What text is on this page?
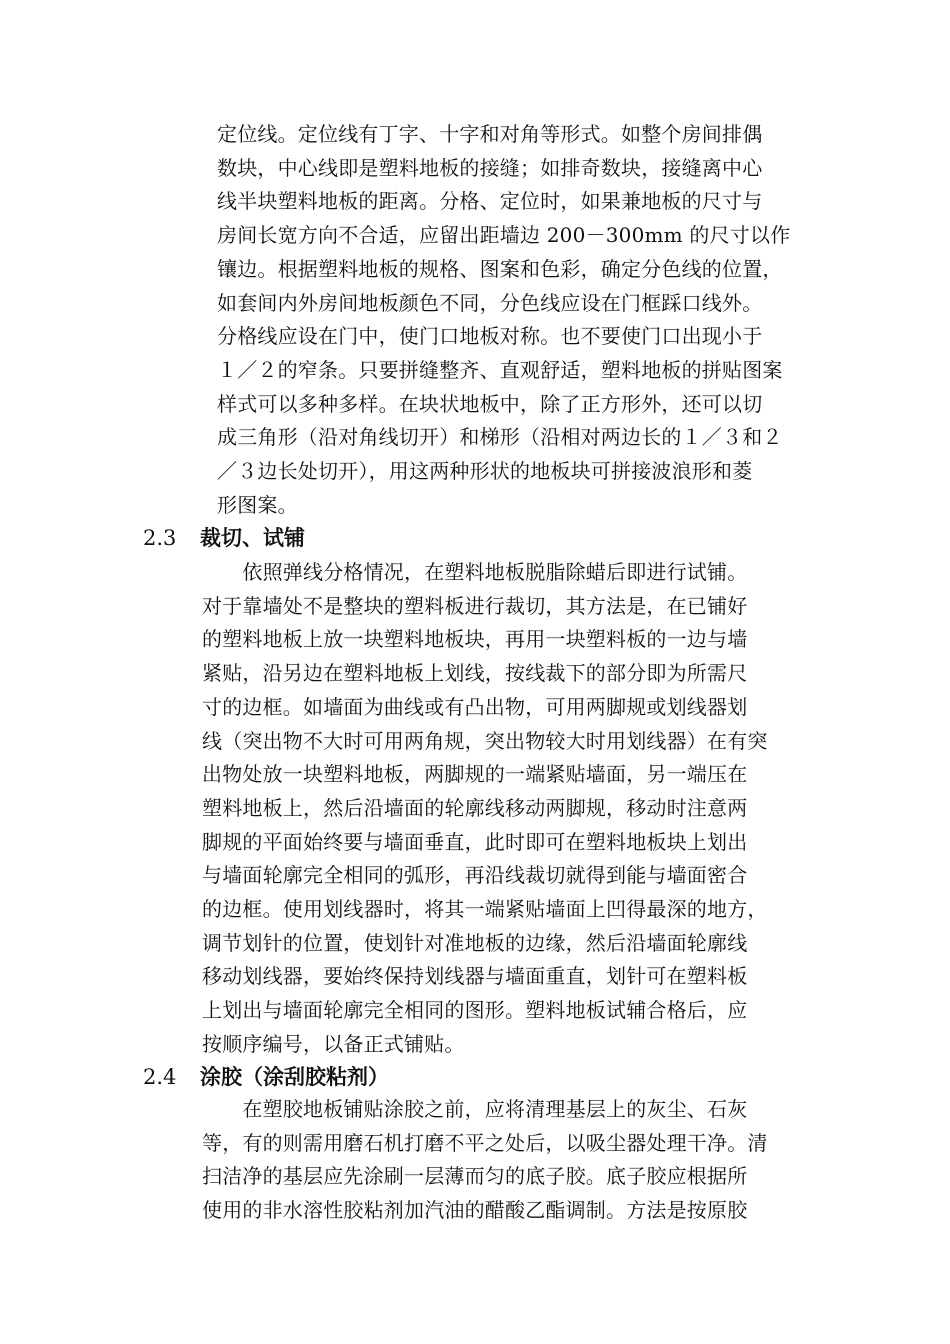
定位线。定位线有丁字、十字和对角等形式。如整个房间排偶
数块，中心线即是塑料地板的接缝；如排奇数块，接缝离中心
线半块塑料地板的距离。分格、定位时，如果兼地板的尺寸与
房间长宽方向不合适，应留出距墙边 200－300mm 的尺寸以作
镶边。根据塑料地板的规格、图案和色彩，确定分色线的位置，
如套间内外房间地板颜色不同，分色线应设在门框踩口线外。
分格线应设在门中，使门口地板对称。也不要使门口出现小于
１／２的窄条。只要拼缝整齐、直观舒适，塑料地板的拼贴图案
样式可以多种多样。在块状地板中，除了正方形外，还可以切
成三角形（沿对角线切开）和梯形（沿相对两边长的１／３和２
／３边长处切开），用这两种形状的地板块可拼接波浪形和菱
形图案。
2.3 裁切、试铺
　　依照弹线分格情况，在塑料地板脱脂除蜡后即进行试铺。
对于靠墙处不是整块的塑料板进行裁切，其方法是，在已铺好
的塑料地板上放一块塑料地板块，再用一块塑料板的一边与墙
紧贴，沿另边在塑料地板上划线，按线裁下的部分即为所需尺
寸的边框。如墙面为曲线或有凸出物，可用两脚规或划线器划
线（突出物不大时可用两角规，突出物较大时用划线器）在有突
出物处放一块塑料地板，两脚规的一端紧贴墙面，另一端压在
塑料地板上，然后沿墙面的轮廓线移动两脚规，移动时注意两
脚规的平面始终要与墙面垂直，此时即可在塑料地板块上划出
与墙面轮廓完全相同的弧形，再沿线裁切就得到能与墙面密合
的边框。使用划线器时，将其一端紧贴墙面上凹得最深的地方，
调节划针的位置，使划针对准地板的边缘，然后沿墙面轮廓线
移动划线器，要始终保持划线器与墙面重直，划针可在塑料板
上划出与墙面轮廓完全相同的图形。塑料地板试辅合格后，应
按顺序编号，以备正式铺贴。
2.4 涂胶（涂刮胶粘剂）
　　在塑胶地板铺贴涂胶之前，应将清理基层上的灰尘、石灰
等，有的则需用磨石机打磨不平之处后，以吸尘器处理干净。清
扫洁净的基层应先涂刷一层薄而匀的底子胶。底子胶应根据所
使用的非水溶性胶粘剂加汽油的醋酸乙酯调制。方法是按原胶
